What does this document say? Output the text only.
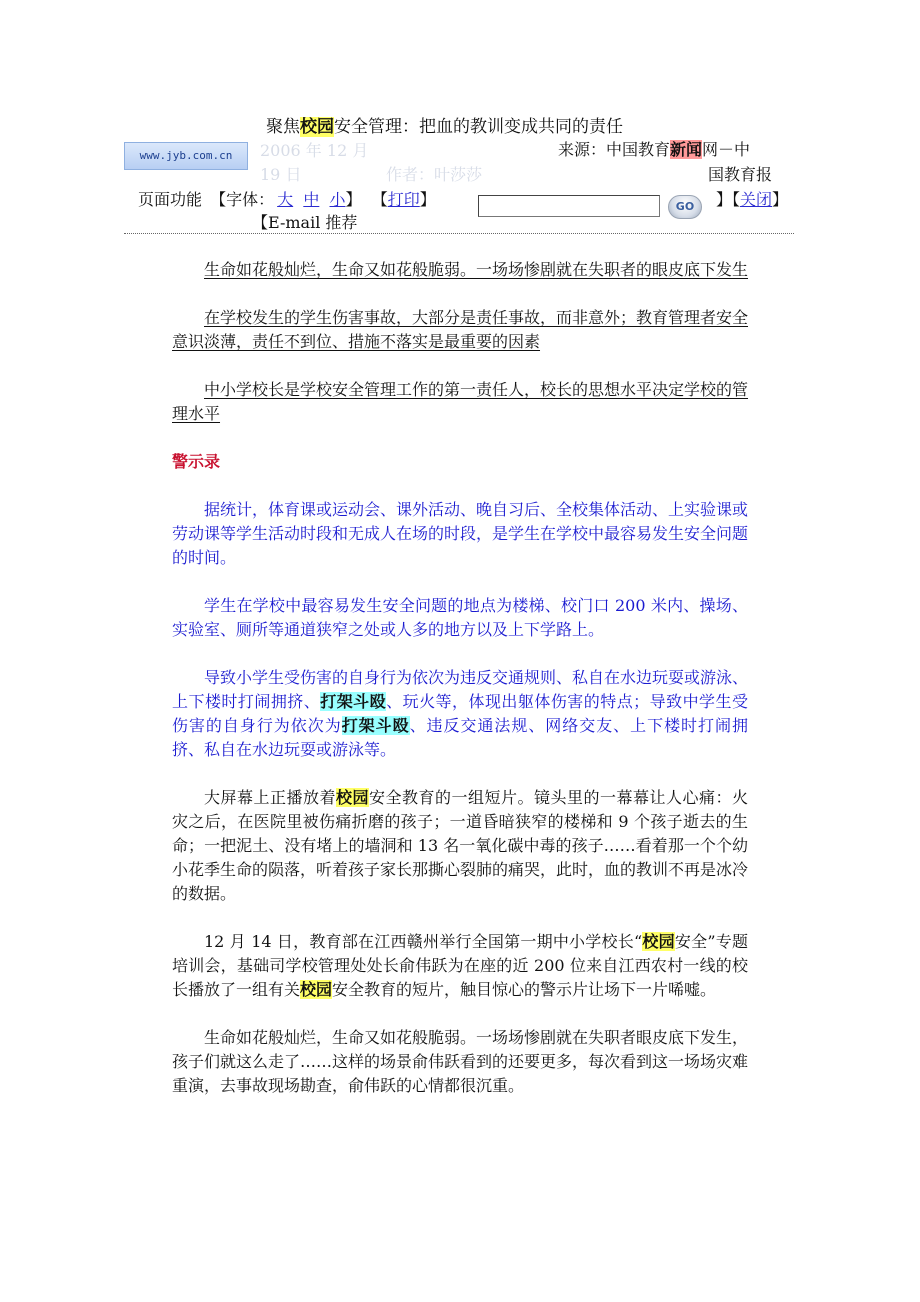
聚焦校园安全管理：把血的教训变成共同的责任
www.jyb.com.cn	2006 年 12 月
19 日	作者：叶莎莎
来源：中国教育新闻网－中
国教育报
页面功能 【字体： 大 中 小】 【打印】	GO	】【关闭】
【E-mail 推荐

生命如花般灿烂，生命又如花般脆弱。一场场惨剧就在失职者的眼皮底下发生

在学校发生的学生伤害事故，大部分是责任事故，而非意外；教育管理者安全意识淡薄，责任不到位、措施不落实是最重要的因素

中小学校长是学校安全管理工作的第一责任人，校长的思想水平决定学校的管理水平

警示录

据统计，体育课或运动会、课外活动、晚自习后、全校集体活动、上实验课或劳动课等学生活动时段和无成人在场的时段，是学生在学校中最容易发生安全问题的时间。

学生在学校中最容易发生安全问题的地点为楼梯、校门口 200 米内、操场、实验室、厕所等通道狭窄之处或人多的地方以及上下学路上。

导致小学生受伤害的自身行为依次为违反交通规则、私自在水边玩耍或游泳、上下楼时打闹拥挤、打架斗殴、玩火等，体现出躯体伤害的特点；导致中学生受伤害的自身行为依次为打架斗殴、违反交通法规、网络交友、上下楼时打闹拥挤、私自在水边玩耍或游泳等。

大屏幕上正播放着校园安全教育的一组短片。镜头里的一幕幕让人心痛：火灾之后，在医院里被伤痛折磨的孩子；一道昏暗狭窄的楼梯和 9 个孩子逝去的生命；一把泥土、没有堵上的墙洞和 13 名一氧化碳中毒的孩子……看着那一个个幼小花季生命的陨落，听着孩子家长那撕心裂肺的痛哭，此时，血的教训不再是冰冷的数据。

12 月 14 日，教育部在江西赣州举行全国第一期中小学校长“校园安全”专题培训会，基础司学校管理处处长俞伟跃为在座的近 200 位来自江西农村一线的校长播放了一组有关校园安全教育的短片，触目惊心的警示片让场下一片唏嘘。

生命如花般灿烂，生命又如花般脆弱。一场场惨剧就在失职者眼皮底下发生，孩子们就这么走了……这样的场景俞伟跃看到的还要更多，每次看到这一场场灾难重演，去事故现场勘查，俞伟跃的心情都很沉重。
